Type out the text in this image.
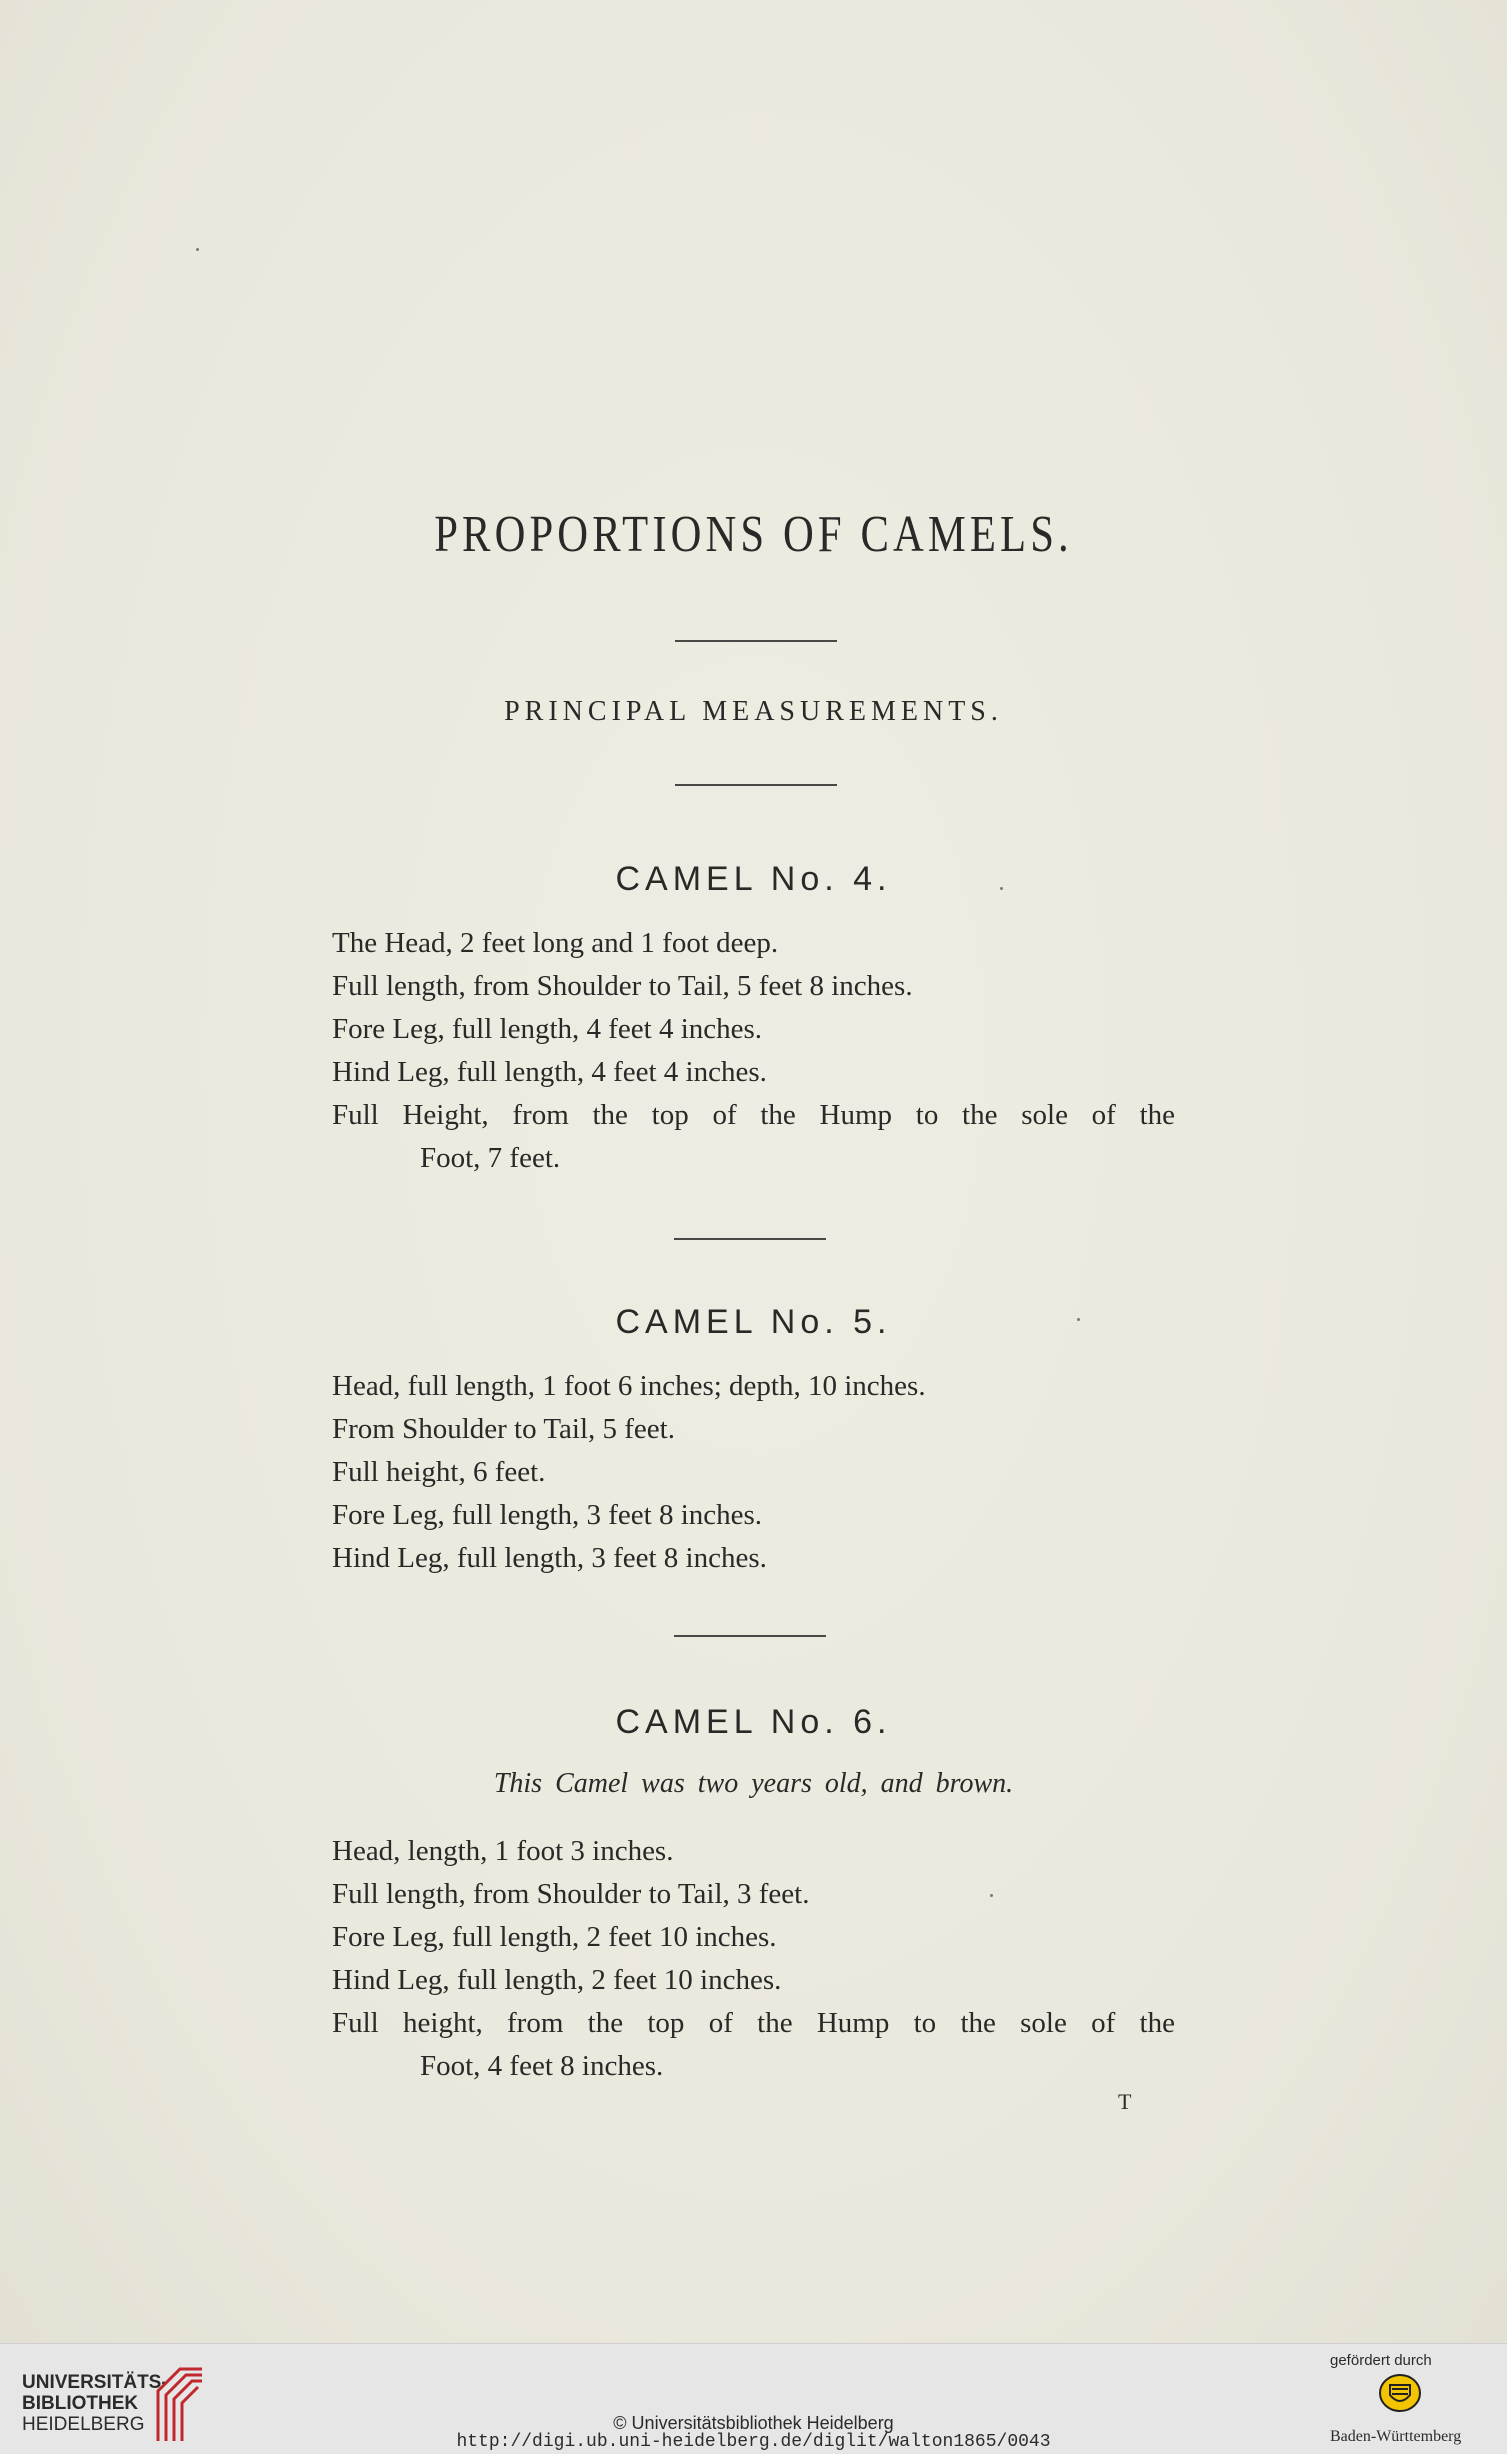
PROPORTIONS OF CAMELS.
PRINCIPAL MEASUREMENTS.
CAMEL No. 4.
The Head, 2 feet long and 1 foot deep.
Full length, from Shoulder to Tail, 5 feet 8 inches.
Fore Leg, full length, 4 feet 4 inches.
Hind Leg, full length, 4 feet 4 inches.
Full Height, from the top of the Hump to the sole of the
Foot, 7 feet.
CAMEL No. 5.
Head, full length, 1 foot 6 inches; depth, 10 inches.
From Shoulder to Tail, 5 feet.
Full height, 6 feet.
Fore Leg, full length, 3 feet 8 inches.
Hind Leg, full length, 3 feet 8 inches.
CAMEL No. 6.
This Camel was two years old, and brown.
Head, length, 1 foot 3 inches.
Full length, from Shoulder to Tail, 3 feet.
Fore Leg, full length, 2 feet 10 inches.
Hind Leg, full length, 2 feet 10 inches.
Full height, from the top of the Hump to the sole of the
Foot, 4 feet 8 inches.
T
UNIVERSITÄTS-
BIBLIOTHEK
HEIDELBERG	© Universitätsbibliothek Heidelberg
http://digi.ub.uni-heidelberg.de/diglit/walton1865/0043
gefördert durch
Baden-Württemberg
